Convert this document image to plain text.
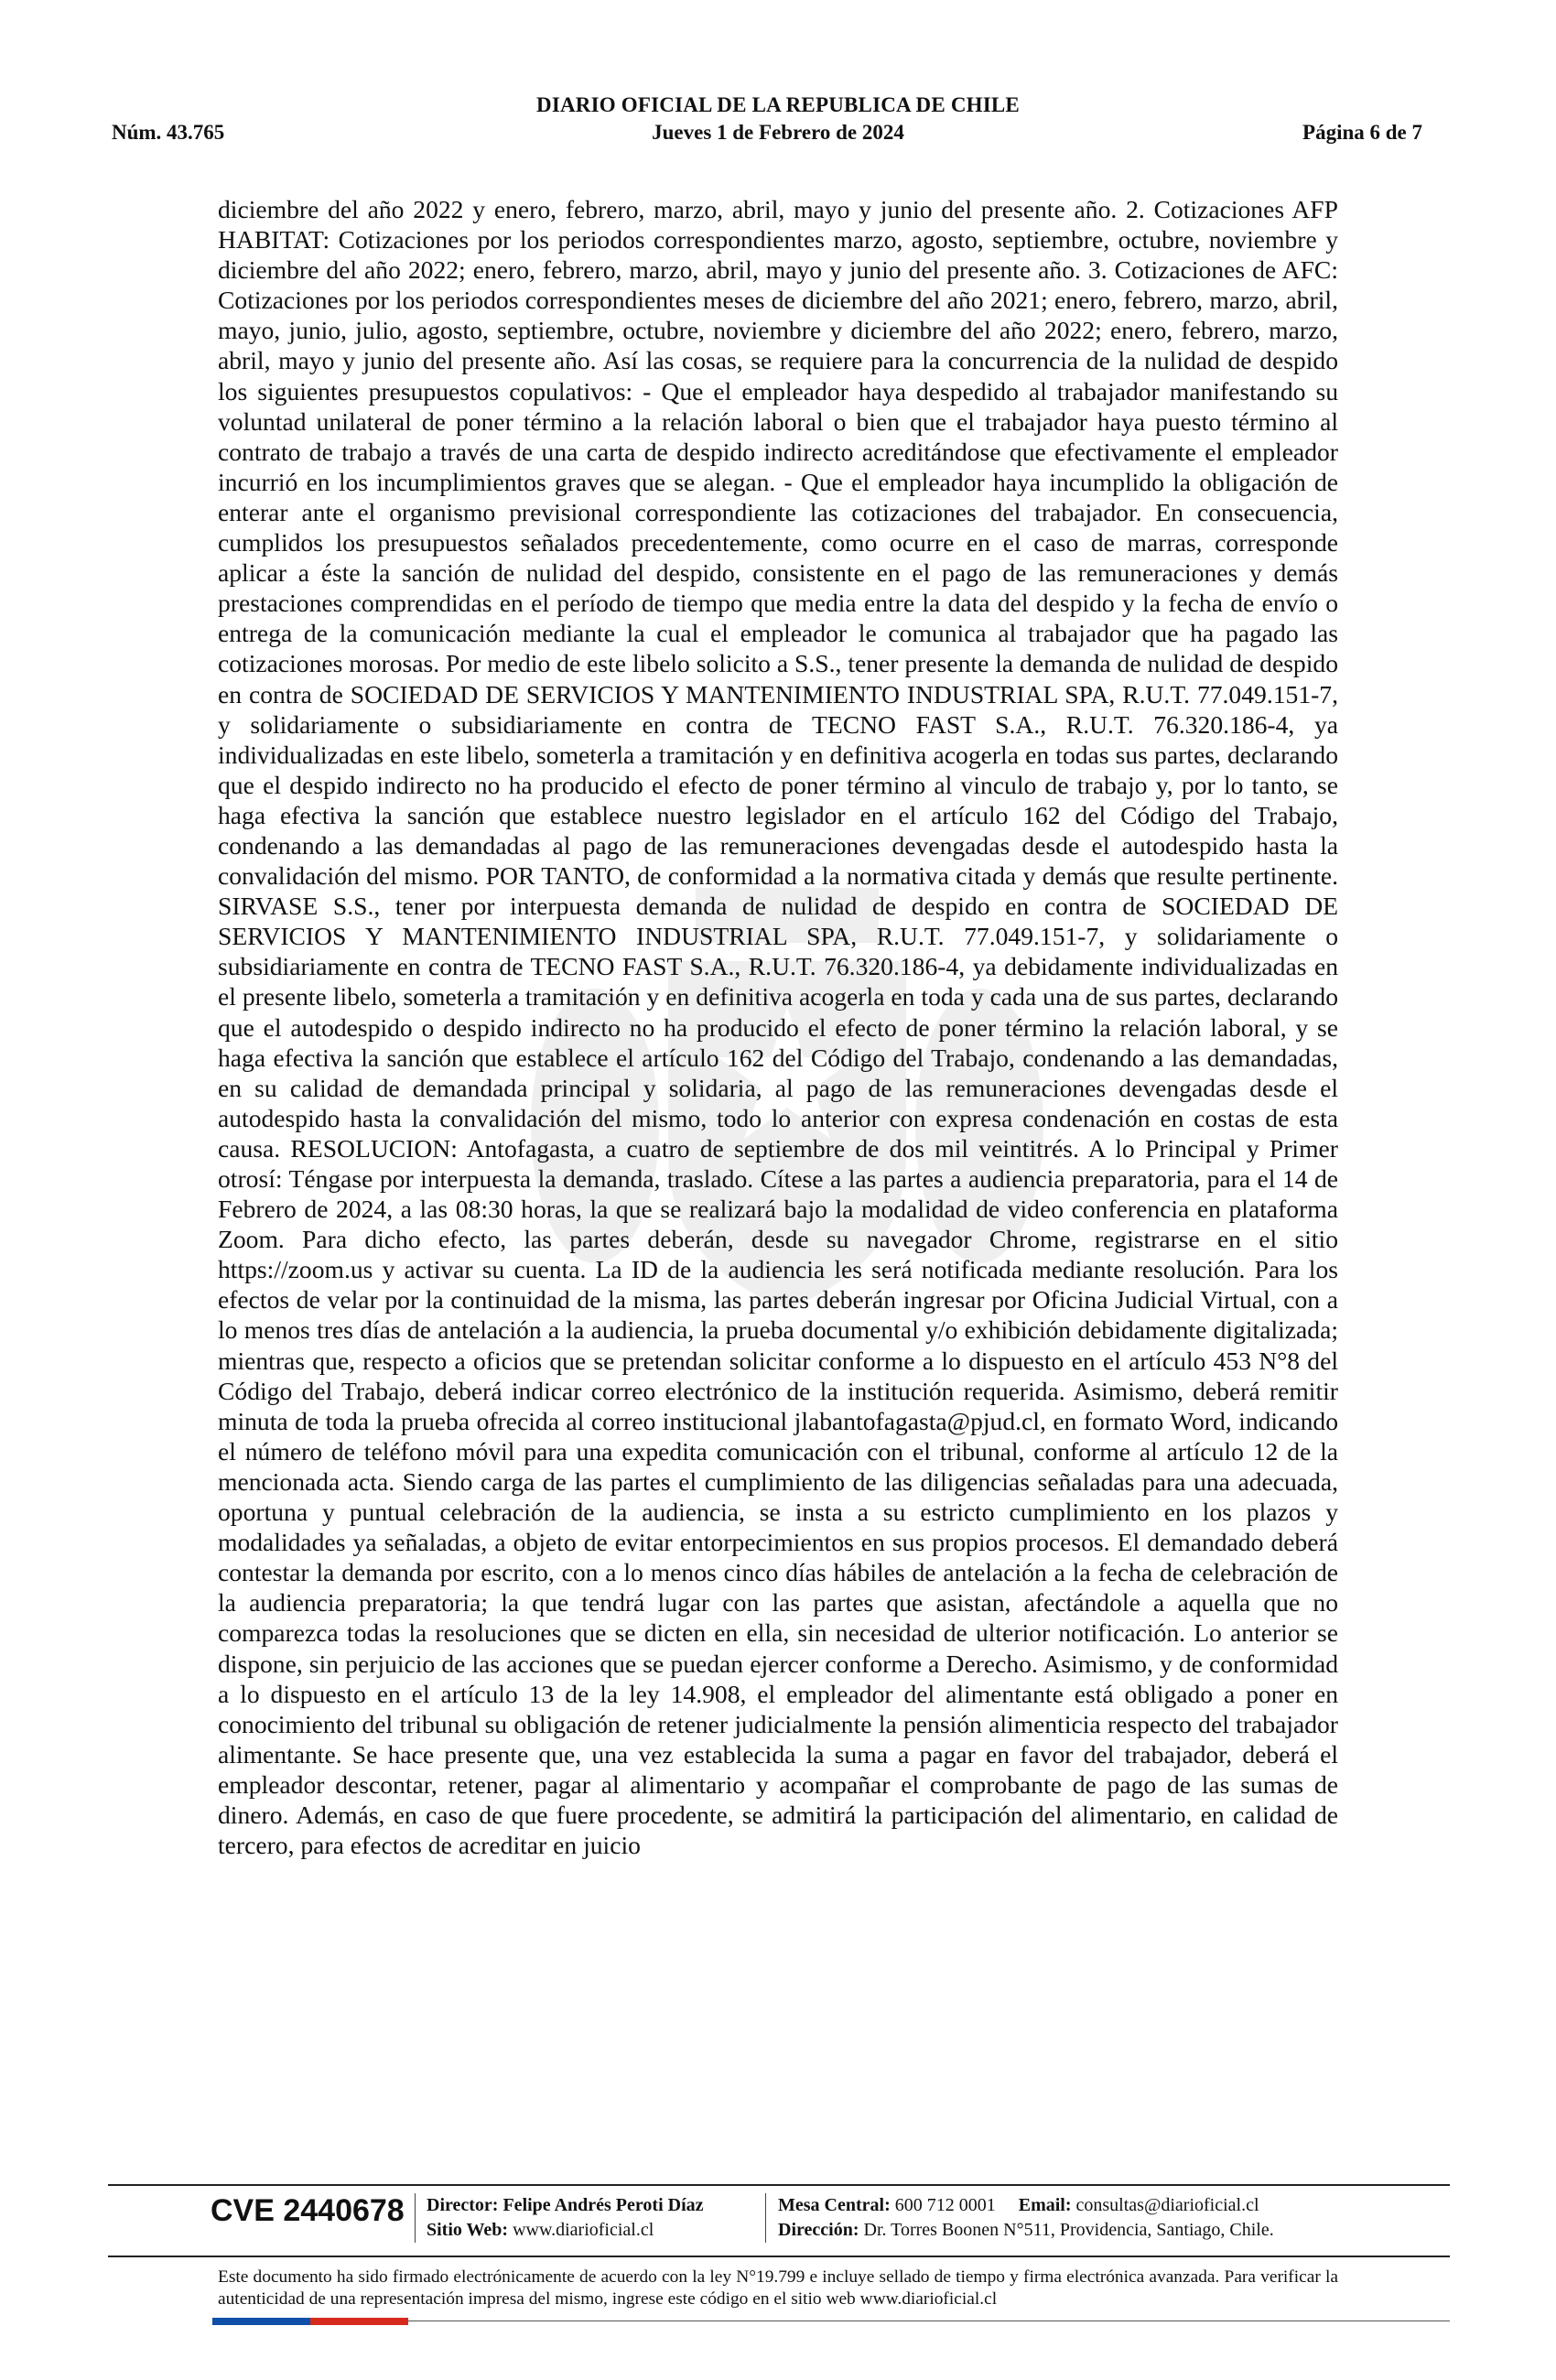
DIARIO OFICIAL DE LA REPUBLICA DE CHILE
Núm. 43.765	Jueves 1 de Febrero de 2024	Página 6 de 7

diciembre del año 2022 y enero, febrero, marzo, abril, mayo y junio del presente año. 2. Cotizaciones AFP HABITAT: Cotizaciones por los periodos correspondientes marzo, agosto, septiembre, octubre, noviembre y diciembre del año 2022; enero, febrero, marzo, abril, mayo y junio del presente año. 3. Cotizaciones de AFC: Cotizaciones por los periodos correspondientes meses de diciembre del año 2021; enero, febrero, marzo, abril, mayo, junio, julio, agosto, septiembre, octubre, noviembre y diciembre del año 2022; enero, febrero, marzo, abril, mayo y junio del presente año. Así las cosas, se requiere para la concurrencia de la nulidad de despido los siguientes presupuestos copulativos: - Que el empleador haya despedido al trabajador manifestando su voluntad unilateral de poner término a la relación laboral o bien que el trabajador haya puesto término al contrato de trabajo a través de una carta de despido indirecto acreditándose que efectivamente el empleador incurrió en los incumplimientos graves que se alegan. - Que el empleador haya incumplido la obligación de enterar ante el organismo previsional correspondiente las cotizaciones del trabajador. En consecuencia, cumplidos los presupuestos señalados precedentemente, como ocurre en el caso de marras, corresponde aplicar a éste la sanción de nulidad del despido, consistente en el pago de las remuneraciones y demás prestaciones comprendidas en el período de tiempo que media entre la data del despido y la fecha de envío o entrega de la comunicación mediante la cual el empleador le comunica al trabajador que ha pagado las cotizaciones morosas. Por medio de este libelo solicito a S.S., tener presente la demanda de nulidad de despido en contra de SOCIEDAD DE SERVICIOS Y MANTENIMIENTO INDUSTRIAL SPA, R.U.T. 77.049.151-7, y solidariamente o subsidiariamente en contra de TECNO FAST S.A., R.U.T. 76.320.186-4, ya individualizadas en este libelo, someterla a tramitación y en definitiva acogerla en todas sus partes, declarando que el despido indirecto no ha producido el efecto de poner término al vinculo de trabajo y, por lo tanto, se haga efectiva la sanción que establece nuestro legislador en el artículo 162 del Código del Trabajo, condenando a las demandadas al pago de las remuneraciones devengadas desde el autodespido hasta la convalidación del mismo. POR TANTO, de conformidad a la normativa citada y demás que resulte pertinente. SIRVASE S.S., tener por interpuesta demanda de nulidad de despido en contra de SOCIEDAD DE SERVICIOS Y MANTENIMIENTO INDUSTRIAL SPA, R.U.T. 77.049.151-7, y solidariamente o subsidiariamente en contra de TECNO FAST S.A., R.U.T. 76.320.186-4, ya debidamente individualizadas en el presente libelo, someterla a tramitación y en definitiva acogerla en toda y cada una de sus partes, declarando que el autodespido o despido indirecto no ha producido el efecto de poner término la relación laboral, y se haga efectiva la sanción que establece el artículo 162 del Código del Trabajo, condenando a las demandadas, en su calidad de demandada principal y solidaria, al pago de las remuneraciones devengadas desde el autodespido hasta la convalidación del mismo, todo lo anterior con expresa condenación en costas de esta causa. RESOLUCION: Antofagasta, a cuatro de septiembre de dos mil veintitrés. A lo Principal y Primer otrosí: Téngase por interpuesta la demanda, traslado. Cítese a las partes a audiencia preparatoria, para el 14 de Febrero de 2024, a las 08:30 horas, la que se realizará bajo la modalidad de video conferencia en plataforma Zoom. Para dicho efecto, las partes deberán, desde su navegador Chrome, registrarse en el sitio https://zoom.us y activar su cuenta. La ID de la audiencia les será notificada mediante resolución. Para los efectos de velar por la continuidad de la misma, las partes deberán ingresar por Oficina Judicial Virtual, con a lo menos tres días de antelación a la audiencia, la prueba documental y/o exhibición debidamente digitalizada; mientras que, respecto a oficios que se pretendan solicitar conforme a lo dispuesto en el artículo 453 N°8 del Código del Trabajo, deberá indicar correo electrónico de la institución requerida. Asimismo, deberá remitir minuta de toda la prueba ofrecida al correo institucional jlabantofagasta@pjud.cl, en formato Word, indicando el número de teléfono móvil para una expedita comunicación con el tribunal, conforme al artículo 12 de la mencionada acta. Siendo carga de las partes el cumplimiento de las diligencias señaladas para una adecuada, oportuna y puntual celebración de la audiencia, se insta a su estricto cumplimiento en los plazos y modalidades ya señaladas, a objeto de evitar entorpecimientos en sus propios procesos. El demandado deberá contestar la demanda por escrito, con a lo menos cinco días hábiles de antelación a la fecha de celebración de la audiencia preparatoria; la que tendrá lugar con las partes que asistan, afectándole a aquella que no comparezca todas la resoluciones que se dicten en ella, sin necesidad de ulterior notificación. Lo anterior se dispone, sin perjuicio de las acciones que se puedan ejercer conforme a Derecho. Asimismo, y de conformidad a lo dispuesto en el artículo 13 de la ley 14.908, el empleador del alimentante está obligado a poner en conocimiento del tribunal su obligación de retener judicialmente la pensión alimenticia respecto del trabajador alimentante. Se hace presente que, una vez establecida la suma a pagar en favor del trabajador, deberá el empleador descontar, retener, pagar al alimentario y acompañar el comprobante de pago de las sumas de dinero. Además, en caso de que fuere procedente, se admitirá la participación del alimentario, en calidad de tercero, para efectos de acreditar en juicio

CVE 2440678 Director: Felipe Andrés Peroti Díaz
Sitio Web: www.diarioficial.cl
Mesa Central: 600 712 0001 Email: consultas@diarioficial.cl
Dirección: Dr. Torres Boonen N°511, Providencia, Santiago, Chile.

Este documento ha sido firmado electrónicamente de acuerdo con la ley N°19.799 e incluye sellado de tiempo y firma electrónica avanzada. Para verificar la autenticidad de una representación impresa del mismo, ingrese este código en el sitio web www.diarioficial.cl
